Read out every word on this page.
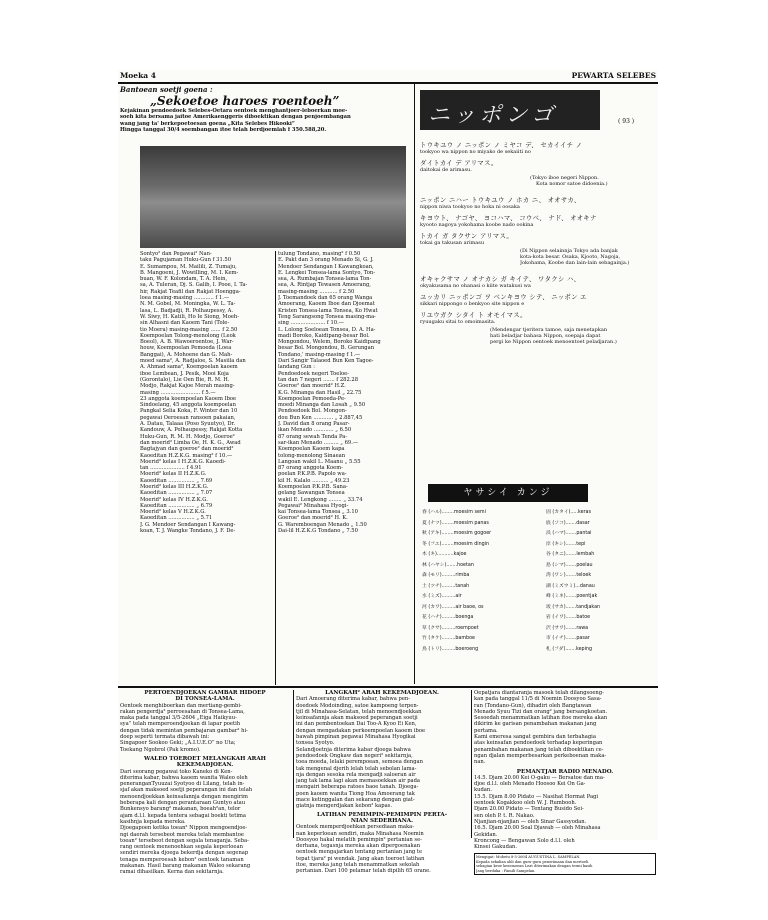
Moeka 4	PEWARTA SELEBES
Bantoean soetji goena :
„Sekoetoe haroes roentoeh”
Kejakinan pendoedoek Selebes-Oetara oentoek menghantjoer-leboerkan moe-
soeh kita bersama jaitoe Amerikaenggeris diboektikan dengan penjoembangan
wang jang ta' berkepoetoesan goena „Kita Selebes Hikooki”
Hingga tanggal 30/4 soembangan itoe telah berdjoemlah f 350.588,20.
Sontyo² dan Pegawai² Nan-
taku Pagujaman Huku-Gun f 31.50
E. Sumampou, M. Mailili, Z. Tumaju,
B. Mangoeni, J. Wowilling, M. I. Kem-
buan, W. F. Kolondam, T. A. Hein,
sa, A. Tuleran, Dj. S. Galib, I. Pooe, I. Ta-
hir, Rakjat Teafil dan Rakjat Hoengga-
loea masing-masing ............ f 1.—
N. M. Gobel, M. Moningka, W. L. Ta-
lasa, L. Badjadji, R. Polhaupessy, A.
W. Siwy, H. Katili, Ho Ie Siong, Moeh-
sin Alhasni dan Kaoem Tani (Tole-
tio Moera) masing-masing ...... f 2.50
Koempoelan Tolong-menolong (Leok
Boeol), A. B. Wawoeroentoe, J. War-
houw, Koempoelan Pemoeda (Loea
Banggai), A. Mohoene dan G. Mah-
moed sama², A. Radjaloe, S. Masiila dan
A. Ahmad sama², Koempoelan kaoem
iboe Lembean, J. Pesik, Mooi Koja
(Gorontalo), Lie Oen Bie, R. M. H.
Modjo, Rakjat Kajoe Merah masing-
masing ........................ f 5.—
23 anggota koempoelan Kaoem Iboe
Sindoelang, 45 anggota koempoelan
Pangkal Selia Koka, F. Winter dan 10
pegawai Oeroesan ransoen pakaian,
A. Datau, Talaaa (Poso Syuutyo), Dr.
Kandouw, A. Polhaupessy, Rakjat Kotta
Huku-Gun, R. M. H. Modjo, Goeroe²
dan moerid² Limba Oe, H. K. G., Awad
Bagtajyan dan goeroe² dan moerid²
Kaoeditan H.Z.K.G. masing² f 10.—
Moerid² kelas I H.Z.K.G. Kaoedi-
tan ..................... f 4.91
Moerid² kelas II H.Z.K.G.
Kaoeditan ................ „ 7.69
Moerid² kelas III H.Z.K.G.
Kaoeditan ................ „ 7.07
Moerid² kelas IV H.Z.K.G.
Kaoeditan ................ „ 6.79
Moerid² kelas V H.Z.K.G.
Kaoeditan ................ „ 5.71
J. G. Mendoer Sendangan I Kawang-
koan, T. J. Wangke Tondano, J. F. De-
tulung Tondano, masing² f 0.50
E. Pakt dan 3 orang Menado Si, G. J.
Mendoer Sendangan I Kawangkoan,
E. Lengkei Tonsea-lama Sontyo, Ton-
sea, A. Rumbajan Tonsea-lama Ton-
sea, A. Rintjap Tewasen Amoerang,
masing-masing ........... f 2.50
J. Toemandoek dan 65 orang Wanga
Amoerang, Kaoem Iboe dan Djoemat
Kristen Tonsea-lama Tonsea, Ko Hwat
Teng Sarangsong Tonsea masing-ma-
sing ..................... f 10.—
L. Lolong Soeloean Tonsea, D. A. Ha-
madi Boroko, Kaidipang-besar Bol.
Mongondou, Welem, Boroko Kaidipang
besar Bol. Mongondou, B. Gerungan
Tondano,' masing-masing f 1.—
Dari Sangir Talaoed Bun Ken Tagoe-
landang Gun :
Pendoedoek negeri Toeloe-
tan dan 7 negeri ....... f 282.28
Goeroe² dan moerid² H.Z.
K.G. Minanga dan Hasil „ 22.75
Koempoelan Pemoeda-Pe-
moedi Minanga dan Losah „ 9.50
Pendoedoek Bol. Mongon-
dou Bun Ken ............ „ 2.887,45
J. David dan 8 orang Pasar-
ikan Menado ............ „ 6.50
87 orang sewah Tenda Pa-
sar-ikan Menado ......... „ 69.—
Koempoelan Kaoem kapa
tolong-menolong Sinaean
Langoan wakil L. Maanu „ 5.55
87 orang anggota Koem-
poelan P.K.P.B. Papolo wa-
kil H. Kalalo .......... „ 49.23
Koempoelan P.K.P.B. Sana-
gelang Sawangan Tonsea
wakil E. Lengkong ........ „ 33.74
Pegawai² Minahasa Hyogi-
kai Tonsea-lama Tonsea „ 3.10
Goeroe² dan moerid² H. K.
G. Waremboengan Menado „ 1.50
Dai-lil H.Z.K.G Tondano „ 7.50
ニッポンゴ	( 93 )
トウキユウ ノ ニッポン ノ ミヤコ デ、 セカイイチ ノ
tookyoo wa nippon no miyako de sekaiiti no
ダイトカイ デ アリマス。
daitokai de arimasu.
(Tokyo iboe negeri Nippon.
Kota nomor satoe didoenia.)
ニッポン ニハー トウキユウ ノ ホカ ニ、 オオサカ、
nippon niwa tookyoo no hoka ni oosaka
キヨウト、 ナゴヤ、 ヨコハマ、 コウベ、 ナド、 オオキナ
kyooto nagoya yokohama koobe nado ookina
トカイ ガ タクサン アリマス。
tokai ga takusan arimasu
(Di Nippon selainnja Tokyo ada banjak
kota-kota besar. Osaka, Kjooto, Nagoja,
Jokohama, Koobe dan lain-lain sebagainja.)
オキャクサマ ノ オナカシ ガ キイテ、 ワタクシ ハ、
okyakusama no ohanasi o kiite watakusi wa
ユッカリ ニッポンゴ ヲ ベンキヨウ シテ、 ニッポン エ
sikkari nippongo o benkyoo site nippon e
リユウガク シタイ ト オモイマス。
ryuugaku sitai to omoimasita.
(Mendengar tjeritera tamoe, saja menetapkan
hati beladjar bahasa Nippon, soepaja dapat
pergi ke Nippon oentoek menoentoet peladjaran.)
ヤサシイ カンジ
春 (ハル)........moesim semi
夏 (ナツ)........moesim panas
秋 (アキ)........moesim gogoer
冬 (フユ)........moesim dingin
木 (キ)...........kajoe
林 (ハヤシ).......hoetan
森 (モリ).........rimba
土 (ツチ).........tanah
水 (ミズ).........air
河 (カワ).........air baoe, os
花 (ハナ).........boenga
草 (クサ).........roempoet
竹 (タケ).........bamboe
鳥 (トリ).........boeroeng
固 (カタイ).....keras
底 (ソコ).......dasar
浜 (ハマ).......pantai
岸 (キシ).......tepi
谷 (タニ).......lembah
島 (シマ).......poelau
湾 (ワン).......teloek
湖 (ミズウミ)...danau
峰 (ミネ).......poentjak
坂 (サカ).......tandjakan
岩 (イワ).......batoe
沢 (サワ).......rawa
市 (イチ).......pasar
札 (フダ).......keping
PERTOENDJOEKAN GAMBAR HIDOEP
DI TONSEA-LAMA.
Oentoek menghiboerkan dan mertiang-gembi-
rakan pengerdja² perroesahan di Tonsea-Lama,
maka pada tanggal 3/5-2604 „Eiga Haikyuu-
sya” telah memperoendjoekan di lapar poetih
dengan tidak memintan pembajaran gambar² hi-
doep seperti termata dibawah ini:
Singapoer Sookoo Geki; „A.I.U.E.O” no Uta;
Toekang Ngobrol (Pak kromo).
WALEO TOEROET MELANGKAH ARAH
KEKEMADJOEAN.
Dari seorang pegawai toko Kaneko di Ken-
diterima kabar, bahwa kaoem wanita Waleo oleh
peneranganTyuuzai Syotyoo di Lilang, telah in-
sjaf akan maksoed soetji peperangan ini dan telah
menoendjoekkan keinsafannja dengan mengirim
beberapa kali dengan perantaraan Guntyo atau
Bunkensyo barang² makanan, boeah²an, telor
ajam d.l.l. kepada tentera sebagai boekti tetima
kasihnja kepada mereka.
Djoegapoen ketika toean² Nippon mengoendjoe-
ngi daerah tersebeot mereka telah membantoe
toean² tersebeot dengan segala tenaganja. Seba-
rang oentoek menenoehkan segala keperloean
sendiri mereka djoega bekerdja dengan segenap
tenaga memperoesah kebon² oentoek tanaman
makanan. Hasil barang makanan Waleo sekarang
ramai dihasilkan. Kerna dan sekitarnja.
LANGKAH² ARAH KEKEMADJOEAN.
Dari Amoerang diterima kabar, bahwa pen-
doedoek Modoinding, satoe kampoeng terpen-
tjil di Minahasa-Selatan, telah menoendjoekkan
keinsafannja akan maksoed peperangan soetji
ini dan pembentoekan Dai Too-A Kyoo Ei Ken,
dengan mengadakan perkoempoelan kaoem iboe
bawah pimpinan pegawai Minahasa Hyogikai
tonsea Syotyo.
Selandjoetnja diterima kabar djoega bahwa
pendoedoek Ongkaw dan negeri² sekitarnja,
toea moeda, lelaki perempoean, semoea dengan
tak mengenal djerih lelah telah sebolan lama-
nja dengan sesoka rela mengadji saloeran air
jang tak lama lagi akan memasoekkan air pada
mengairi beberapa ratoes baoe tanah. Djoega-
poen kaoem wanita Tiong Hoa Amoerang tak
mace ketinggalan dan sekarang dengan giat-
giatnja mengerdjakan kebon² kapas.
LATIHAN PEMIMPIN-PEMIMPIN PERTA-
NIAN SEDERHANA.
Oentoek memperdjoehkan persediaan maka-
nan keperloean sendiri, maka Minahasa Noemin
Doosyoo hakal melatih pemimpin² pertanian se-
derhana, tegasnja mereka akan dipergoenakan
oentoek mengajarkan tentang pertanian jang te
tepat tjara² pi wendak. Jang akan toeroet latihan
itoe, mereka jang telah menammatkan sekolah
pertanian. Dari 100 pelamar telah dipilih 65 orane.
Oepatjara diantaranja masoek telah dilangsoeng-
kan pada tanggal 11/5 di Noemin Doosyoo Sasa-
ran (Tondano-Gun), dihadiri oleh Bangtawan
Menado Syuu Tizi dan orang² jang bersangkoetan.
Sesoedah menammatkan latihan itoe mereka akan
dikirim ke garisan penambahan makanan jang
pertama.
Kami emeresa sangat gembira dan terbahagia
atas keinsafan pendoedoek terhadap keperingan
penambahan makanan jang telah diboektikan ce-
ngan djalan memperbesarkan perkeboenan maka-
nan.
PEMANTJAR RADIO MENADO.
14.5. Djam 20.00 Kei O-gaku — Bersatoe dan ma-
djoe d.l.l. oleh Menado Hoosoo Kei On Ga-
kudan.
15.5. Djam 8.00 Pidato — Nasihat Hormat Pagi
oentoek Kogakkoo oleh W. J. Rumbooh.
Djam 20.00 Pidato — Tentang Busido Sei-
sen oleh P. t. R. Nakao.
Njanjian-njanjian — oleh Sinar Gassyodan.
16.5. Djam 20.00 Soal Djawab — oleh Minahasa
Gekidan.
Kroncong — Bengawan Solo d.l.l. oleh
Kinsei Gakudan.
Mengigat: Mobetu 8-5-2604 AUGUSTINA L. SAMPELAN.
Kepada sekalian ahli dan guru-guru penerimaan dan mertoeli
sebagian keoe kesemoean Leat diterimakan dengan termi kasih
Jang berduka : Famili Sampelan.
